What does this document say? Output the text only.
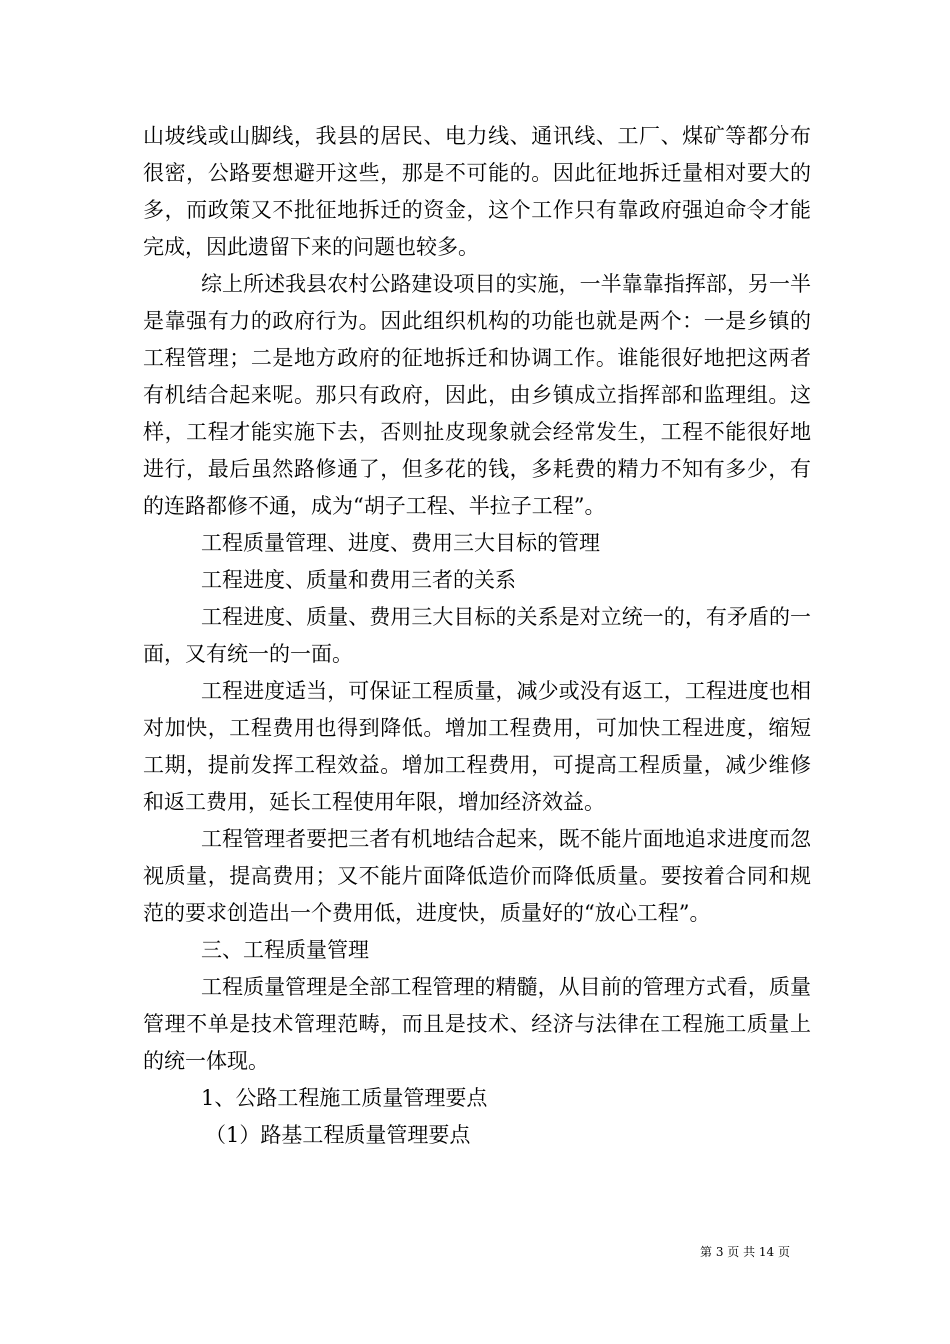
山坡线或山脚线，我县的居民、电力线、通讯线、工厂、煤矿等都分布很密，公路要想避开这些，那是不可能的。因此征地拆迁量相对要大的多，而政策又不批征地拆迁的资金，这个工作只有靠政府强迫命令才能完成，因此遗留下来的问题也较多。

综上所述我县农村公路建设项目的实施，一半靠靠指挥部，另一半是靠强有力的政府行为。因此组织机构的功能也就是两个：一是乡镇的工程管理；二是地方政府的征地拆迁和协调工作。谁能很好地把这两者有机结合起来呢。那只有政府，因此，由乡镇成立指挥部和监理组。这样，工程才能实施下去，否则扯皮现象就会经常发生，工程不能很好地进行，最后虽然路修通了，但多花的钱，多耗费的精力不知有多少，有的连路都修不通，成为“胡子工程、半拉子工程”。

工程质量管理、进度、费用三大目标的管理

工程进度、质量和费用三者的关系

工程进度、质量、费用三大目标的关系是对立统一的，有矛盾的一面，又有统一的一面。

工程进度适当，可保证工程质量，减少或没有返工，工程进度也相对加快，工程费用也得到降低。增加工程费用，可加快工程进度，缩短工期，提前发挥工程效益。增加工程费用，可提高工程质量，减少维修和返工费用，延长工程使用年限，增加经济效益。

工程管理者要把三者有机地结合起来，既不能片面地追求进度而忽视质量，提高费用；又不能片面降低造价而降低质量。要按着合同和规范的要求创造出一个费用低，进度快，质量好的“放心工程”。

三、工程质量管理

工程质量管理是全部工程管理的精髓，从目前的管理方式看，质量管理不单是技术管理范畴，而且是技术、经济与法律在工程施工质量上的统一体现。

1、公路工程施工质量管理要点

（1）路基工程质量管理要点

第 3 页 共 14 页
